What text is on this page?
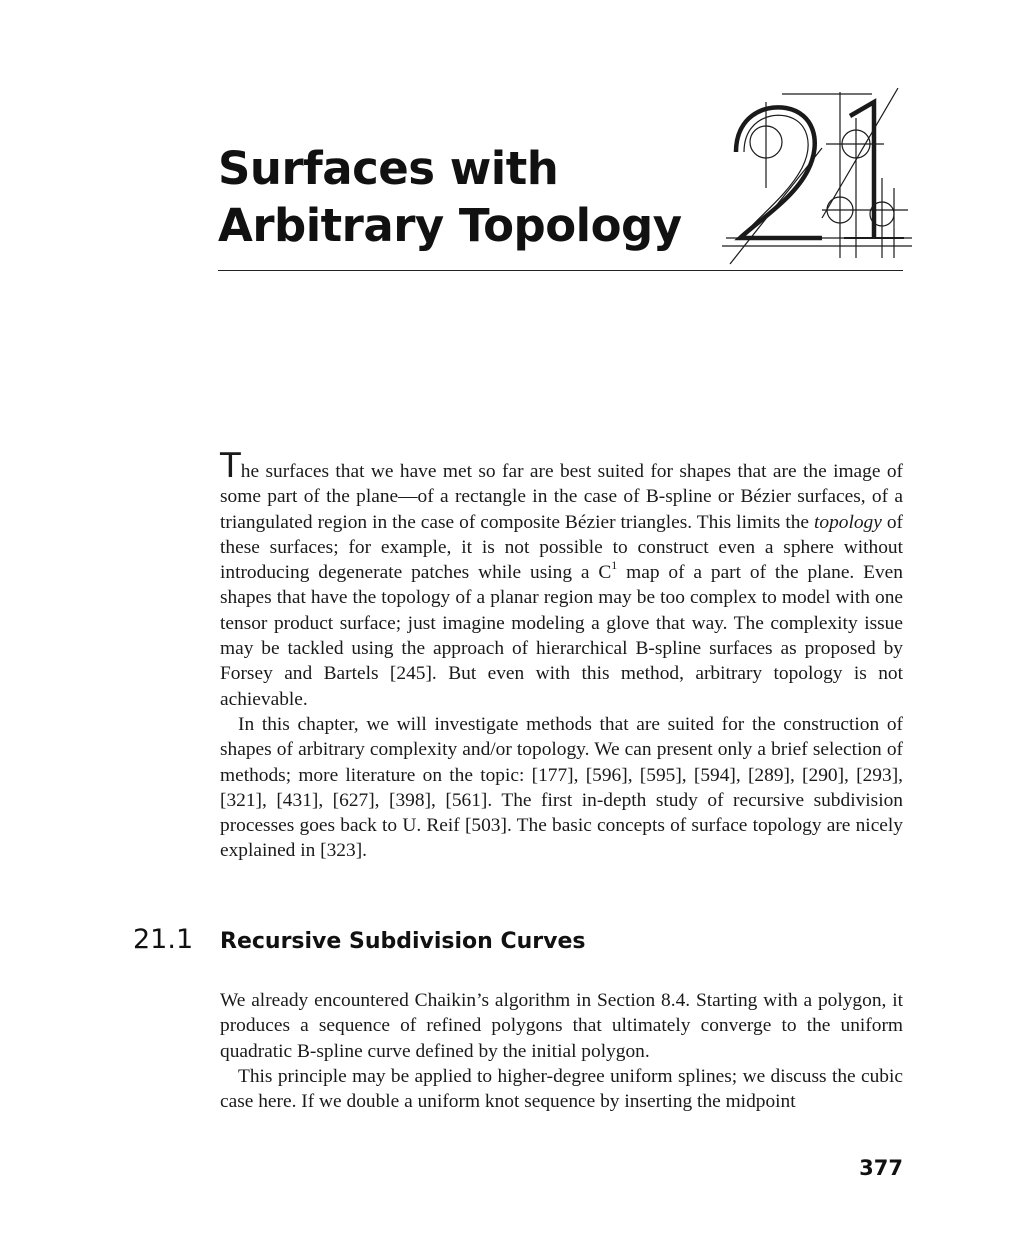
Surfaces with
Arbitrary Topology

The surfaces that we have met so far are best suited for shapes that are the image of some part of the plane—of a rectangle in the case of B-spline or Bézier surfaces, of a triangulated region in the case of composite Bézier triangles. This limits the topology of these surfaces; for example, it is not possible to construct even a sphere without introducing degenerate patches while using a $C^1$ map of a part of the plane. Even shapes that have the topology of a planar region may be too complex to model with one tensor product surface; just imagine modeling a glove that way. The complexity issue may be tackled using the approach of hierarchical B-spline surfaces as proposed by Forsey and Bartels [245]. But even with this method, arbitrary topology is not achievable.

In this chapter, we will investigate methods that are suited for the construction of shapes of arbitrary complexity and/or topology. We can present only a brief selection of methods; more literature on the topic: [177], [596], [595], [594], [289], [290], [293], [321], [431], [627], [398], [561]. The first in-depth study of recursive subdivision processes goes back to U. Reif [503]. The basic concepts of surface topology are nicely explained in [323].

21.1 Recursive Subdivision Curves

We already encountered Chaikin’s algorithm in Section 8.4. Starting with a polygon, it produces a sequence of refined polygons that ultimately converge to the uniform quadratic B-spline curve defined by the initial polygon.

This principle may be applied to higher-degree uniform splines; we discuss the cubic case here. If we double a uniform knot sequence by inserting the midpoint

377
